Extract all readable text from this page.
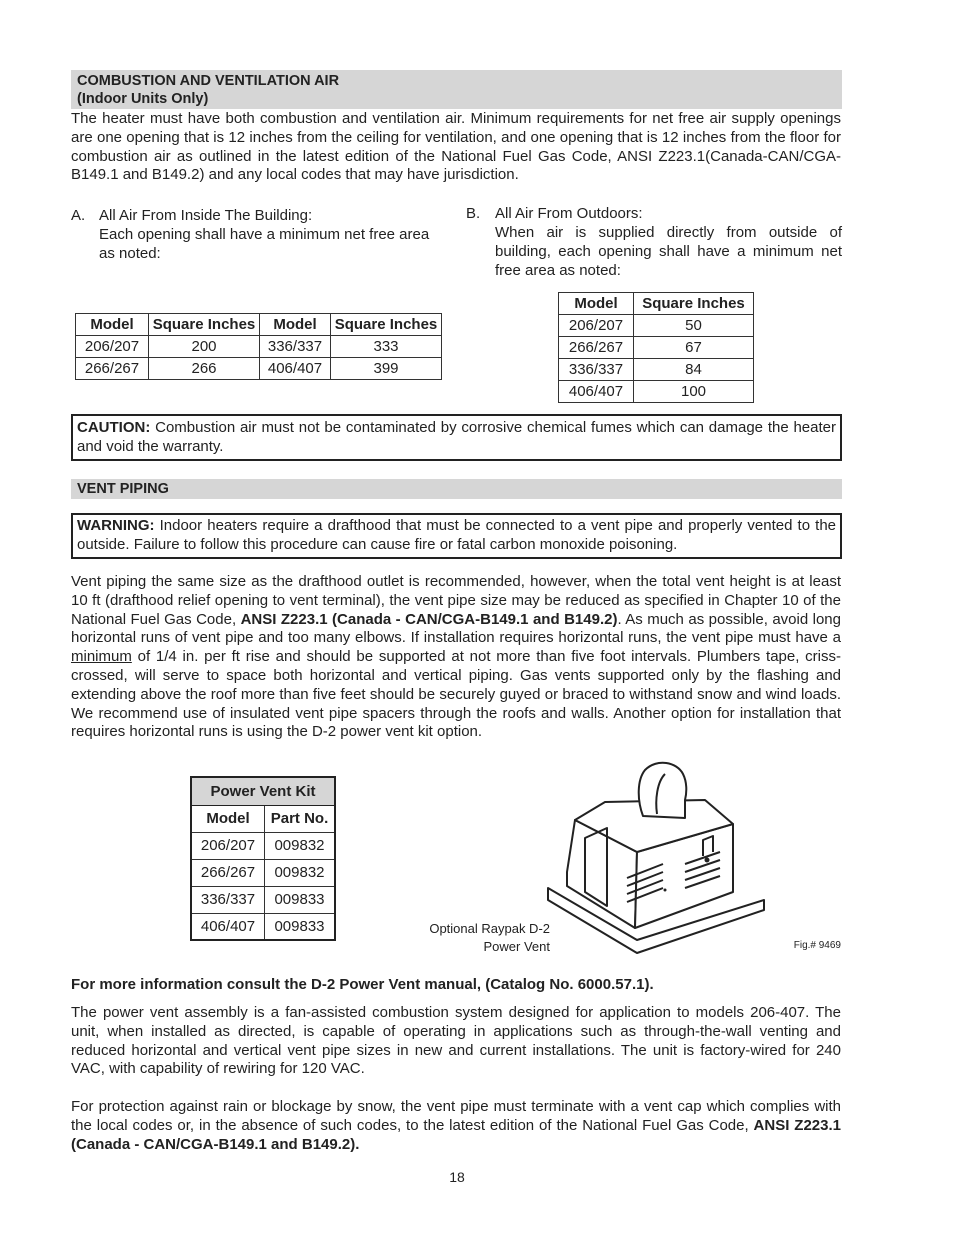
COMBUSTION AND VENTILATION AIR
(Indoor Units Only)
The heater must have both combustion and ventilation air. Minimum requirements for net free air supply openings are one opening that is 12 inches from the ceiling for ventilation, and one opening that is 12 inches from the floor for combustion air as outlined in the latest edition of the National Fuel Gas Code, ANSI Z223.1(Canada-CAN/CGA-B149.1 and B149.2) and any local codes that may have jurisdiction.
A. All Air From Inside The Building:
Each opening shall have a minimum net free area as noted:
B. All Air From Outdoors:
When air is supplied directly from outside of building, each opening shall have a minimum net free area as noted:
Model	Square Inches	Model	Square Inches
206/207	200	336/337	333
266/267	266	406/407	399
Model	Square Inches
206/207	50
266/267	67
336/337	84
406/407	100
CAUTION: Combustion air must not be contaminated by corrosive chemical fumes which can damage the heater and void the warranty.
VENT PIPING
WARNING: Indoor heaters require a drafthood that must be connected to a vent pipe and properly vented to the outside. Failure to follow this procedure can cause fire or fatal carbon monoxide poisoning.
Vent piping the same size as the drafthood outlet is recommended, however, when the total vent height is at least 10 ft (drafthood relief opening to vent terminal), the vent pipe size may be reduced as specified in Chapter 10 of the National Fuel Gas Code, ANSI Z223.1 (Canada - CAN/CGA-B149.1 and B149.2). As much as possible, avoid long horizontal runs of vent pipe and too many elbows. If installation requires horizontal runs, the vent pipe must have a minimum of 1/4 in. per ft rise and should be supported at not more than five foot intervals. Plumbers tape, criss-crossed, will serve to space both horizontal and vertical piping. Gas vents supported only by the flashing and extending above the roof more than five feet should be securely guyed or braced to withstand snow and wind loads. We recommend use of insulated vent pipe spacers through the roofs and walls. Another option for installation that requires horizontal runs is using the D-2 power vent kit option.
Power Vent Kit	
Model	Part No.
206/207	009832
266/267	009832
336/337	009833
406/407	009833	Optional Raypak D-2
Power Vent	Fig.# 9469
For more information consult the D-2 Power Vent manual, (Catalog No. 6000.57.1).
The power vent assembly is a fan-assisted combustion system designed for application to models 206-407. The unit, when installed as directed, is capable of operating in applications such as through-the-wall venting and reduced horizontal and vertical vent pipe sizes in new and current installations. The unit is factory-wired for 240 VAC, with capability of rewiring for 120 VAC.
For protection against rain or blockage by snow, the vent pipe must terminate with a vent cap which complies with the local codes or, in the absence of such codes, to the latest edition of the National Fuel Gas Code, ANSI Z223.1 (Canada - CAN/CGA-B149.1 and B149.2).
18
